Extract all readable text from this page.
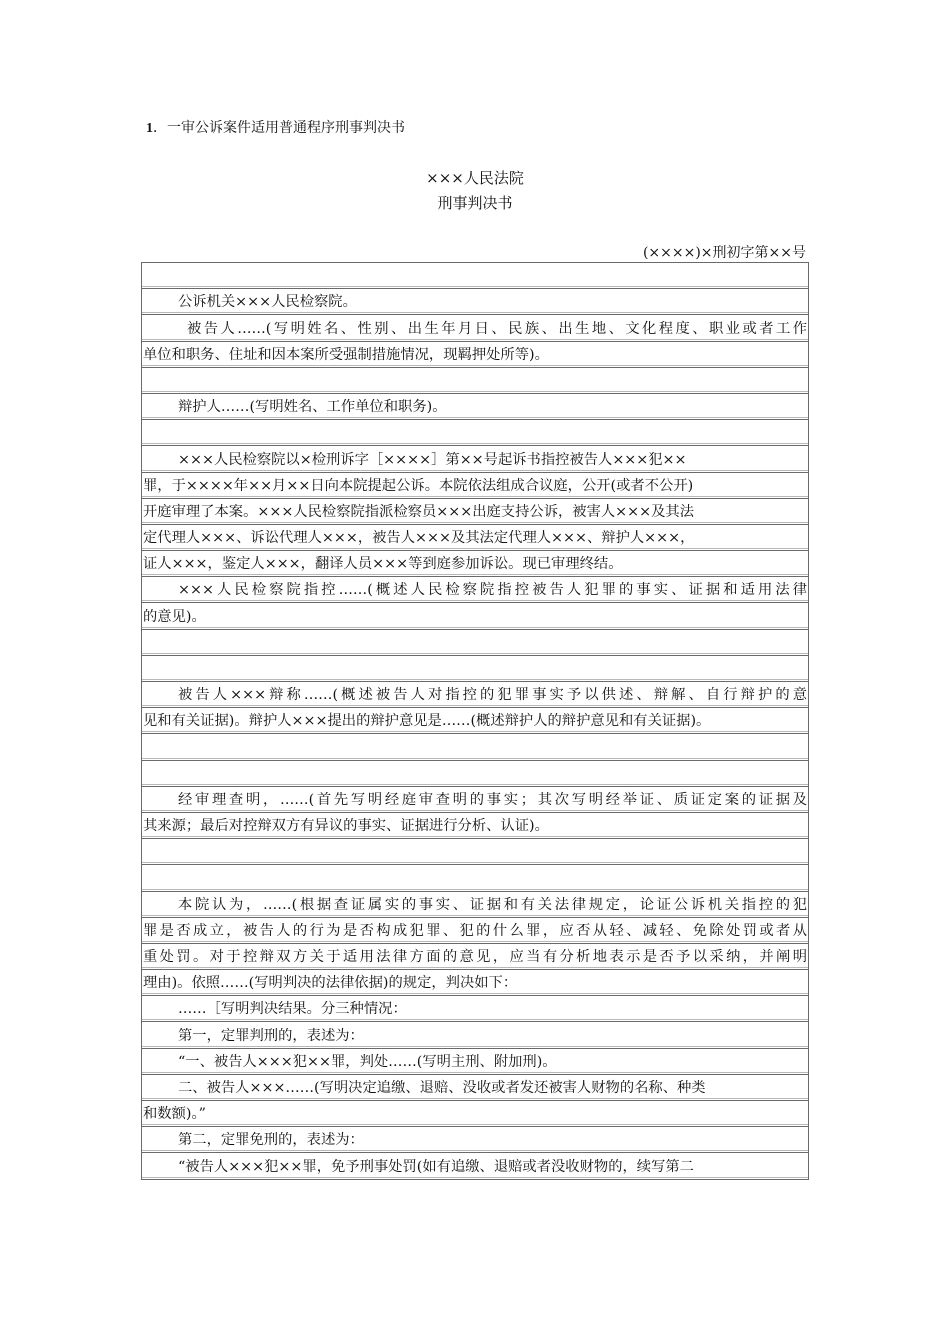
1．一审公诉案件适用普通程序刑事判决书
×××人民法院
刑事判决书
(××××)×刑初字第××号
公诉机关×××人民检察院。
被告人……(写明姓名、性别、出生年月日、民族、出生地、文化程度、职业或者工作
单位和职务、住址和因本案所受强制措施情况，现羁押处所等)。
辩护人……(写明姓名、工作单位和职务)。
×××人民检察院以×检刑诉字［××××］第××号起诉书指控被告人×××犯××
罪，于××××年××月××日向本院提起公诉。本院依法组成合议庭，公开(或者不公开)
开庭审理了本案。×××人民检察院指派检察员×××出庭支持公诉，被害人×××及其法
定代理人×××、诉讼代理人×××，被告人×××及其法定代理人×××、辩护人×××，
证人×××，鉴定人×××，翻译人员×××等到庭参加诉讼。现已审理终结。
×××人民检察院指控……(概述人民检察院指控被告人犯罪的事实、证据和适用法律
的意见)。
被告人×××辩称……(概述被告人对指控的犯罪事实予以供述、辩解、自行辩护的意
见和有关证据)。辩护人×××提出的辩护意见是……(概述辩护人的辩护意见和有关证据)。
经审理查明，……(首先写明经庭审查明的事实；其次写明经举证、质证定案的证据及
其来源；最后对控辩双方有异议的事实、证据进行分析、认证)。
本院认为，……(根据查证属实的事实、证据和有关法律规定，论证公诉机关指控的犯
罪是否成立，被告人的行为是否构成犯罪、犯的什么罪，应否从轻、减轻、免除处罚或者从
重处罚。对于控辩双方关于适用法律方面的意见，应当有分析地表示是否予以采纳，并阐明
理由)。依照……(写明判决的法律依据)的规定，判决如下：
……［写明判决结果。分三种情况：
第一，定罪判刑的，表述为：
“一、被告人×××犯××罪，判处……(写明主刑、附加刑)。
二、被告人×××……(写明决定追缴、退赔、没收或者发还被害人财物的名称、种类
和数额)。”
第二，定罪免刑的，表述为：
“被告人×××犯××罪，免予刑事处罚(如有追缴、退赔或者没收财物的，续写第二
